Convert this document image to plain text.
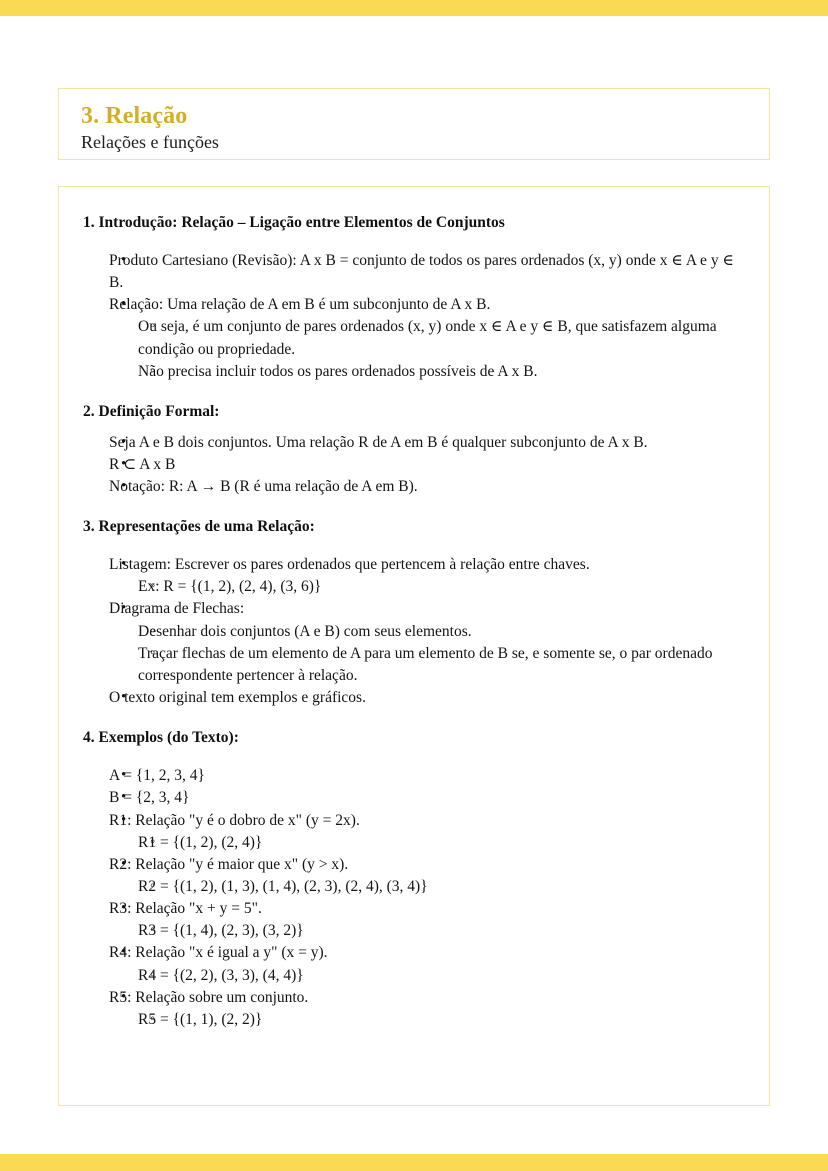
3. Relação
Relações e funções
1. Introdução: Relação – Ligação entre Elementos de Conjuntos
• Produto Cartesiano (Revisão): A x B = conjunto de todos os pares ordenados (x, y) onde x ∈ A e y ∈ B.
• Relação: Uma relação de A em B é um subconjunto de A x B.
◦ Ou seja, é um conjunto de pares ordenados (x, y) onde x ∈ A e y ∈ B, que satisfazem alguma condição ou propriedade.
◦ Não precisa incluir todos os pares ordenados possíveis de A x B.
2. Definição Formal:
• Seja A e B dois conjuntos. Uma relação R de A em B é qualquer subconjunto de A x B.
• R ⊂ A x B
• Notação: R: A → B (R é uma relação de A em B).
3. Representações de uma Relação:
• Listagem: Escrever os pares ordenados que pertencem à relação entre chaves.
◦ Ex: R = {(1, 2), (2, 4), (3, 6)}
• Diagrama de Flechas:
◦ Desenhar dois conjuntos (A e B) com seus elementos.
◦ Traçar flechas de um elemento de A para um elemento de B se, e somente se, o par ordenado correspondente pertencer à relação.
• O texto original tem exemplos e gráficos.
4. Exemplos (do Texto):
• A = {1, 2, 3, 4}
• B = {2, 3, 4}
• R1: Relação "y é o dobro de x" (y = 2x).
◦ R1 = {(1, 2), (2, 4)}
• R2: Relação "y é maior que x" (y > x).
◦ R2 = {(1, 2), (1, 3), (1, 4), (2, 3), (2, 4), (3, 4)}
• R3: Relação "x + y = 5".
◦ R3 = {(1, 4), (2, 3), (3, 2)}
• R4: Relação "x é igual a y" (x = y).
◦ R4 = {(2, 2), (3, 3), (4, 4)}
• R5: Relação sobre um conjunto.
◦ R5 = {(1, 1), (2, 2)}
